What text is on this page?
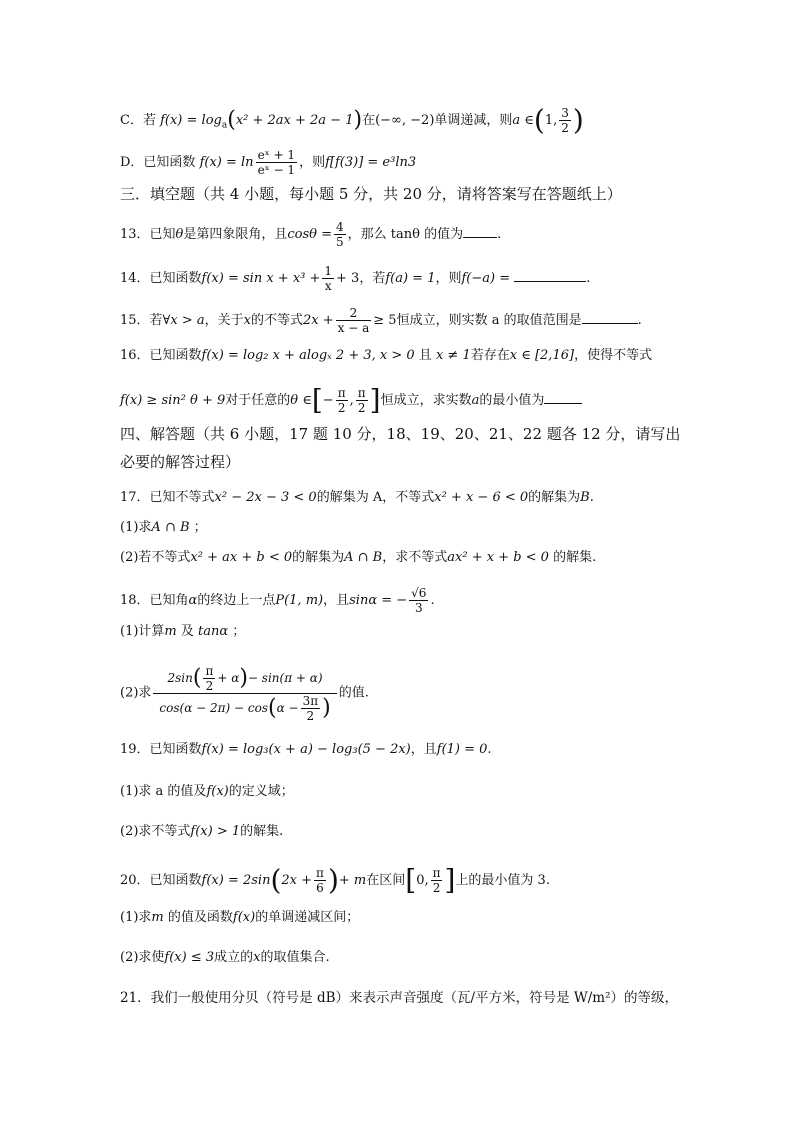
C．若 $f(x) = \log_a(x^2 + 2ax + 2a - 1)$在(−∞, −2)单调递减，则a ∈(1, $\frac{3}{2}$ )
D．已知函数 $f(x) = \ln \frac{\text{eˣ + 1}}{\text{eˣ − 1}}$ ，则f[f(3)] = e³ln3
三．填空题（共 4 小题，每小题 5 分，共 20 分，请将答案写在答题纸上）
13．已知θ是第四象限角，且$\cos\theta = \frac{4}{5}$ ，那么 tanθ 的值为	.
14．已知函数$f(x) = \sin x + x^3 + \frac{1}{x} + 3$，若f(a) = 1，则f(−a) =	.
15．若∀x > a，关于x的不等式$2x + \frac{2}{x - a} \ge 5$恒成立，则实数 a 的取值范围是	.
16．已知函数f(x) = log₂ x + alogₓ 2 + 3, x > 0 且 x ≠ 1若存在x ∈ [2,16]，使得不等式
f(x) ≥ sin² θ + 9对于任意的θ ∈[− $\frac{\pi}{2}$ , $\frac{\pi}{2}$ ]恒成立，求实数a的最小值为
四、解答题（共 6 小题，17 题 10 分，18、19、20、21、22 题各 12 分，请写出
必要的解答过程）
17．已知不等式x² − 2x − 3 < 0的解集为 A，不等式x² + x − 6 < 0的解集为B.
(1)求A ∩ B ；
(2)若不等式x² + ax + b < 0的解集为A ∩ B，求不等式ax² + x + b < 0 的解集.
18．已知角α的终边上一点P(1, m)，且sinα = − $\frac{√6}{3}$ .
(1)计算m 及 tanα ；
(2)求 $\frac{2\sin( \frac{\pi}{2} + \alpha)- \sin(\pi + \alpha)}{\cos(\alpha - 2\pi) - \cos(\alpha - \frac{3\pi}{2} )}$ 的值.
19．已知函数f(x) = log₃(x + a) − log₃(5 − 2x)，且f(1) = 0.
(1)求 a 的值及f(x)的定义域；
(2)求不等式f(x) > 1的解集.
20．已知函数$f(x) = 2\sin(2x + \frac{\pi}{6}$ )+ m在区间[0, $\frac{\pi}{2}$ ]上的最小值为 3.
(1)求m 的值及函数f(x)的单调递减区间；
(2)求使f(x) ≤ 3成立的x的取值集合.
21．我们一般使用分贝（符号是 dB）来表示声音强度（瓦/平方米，符号是 W/m²）的等级，
